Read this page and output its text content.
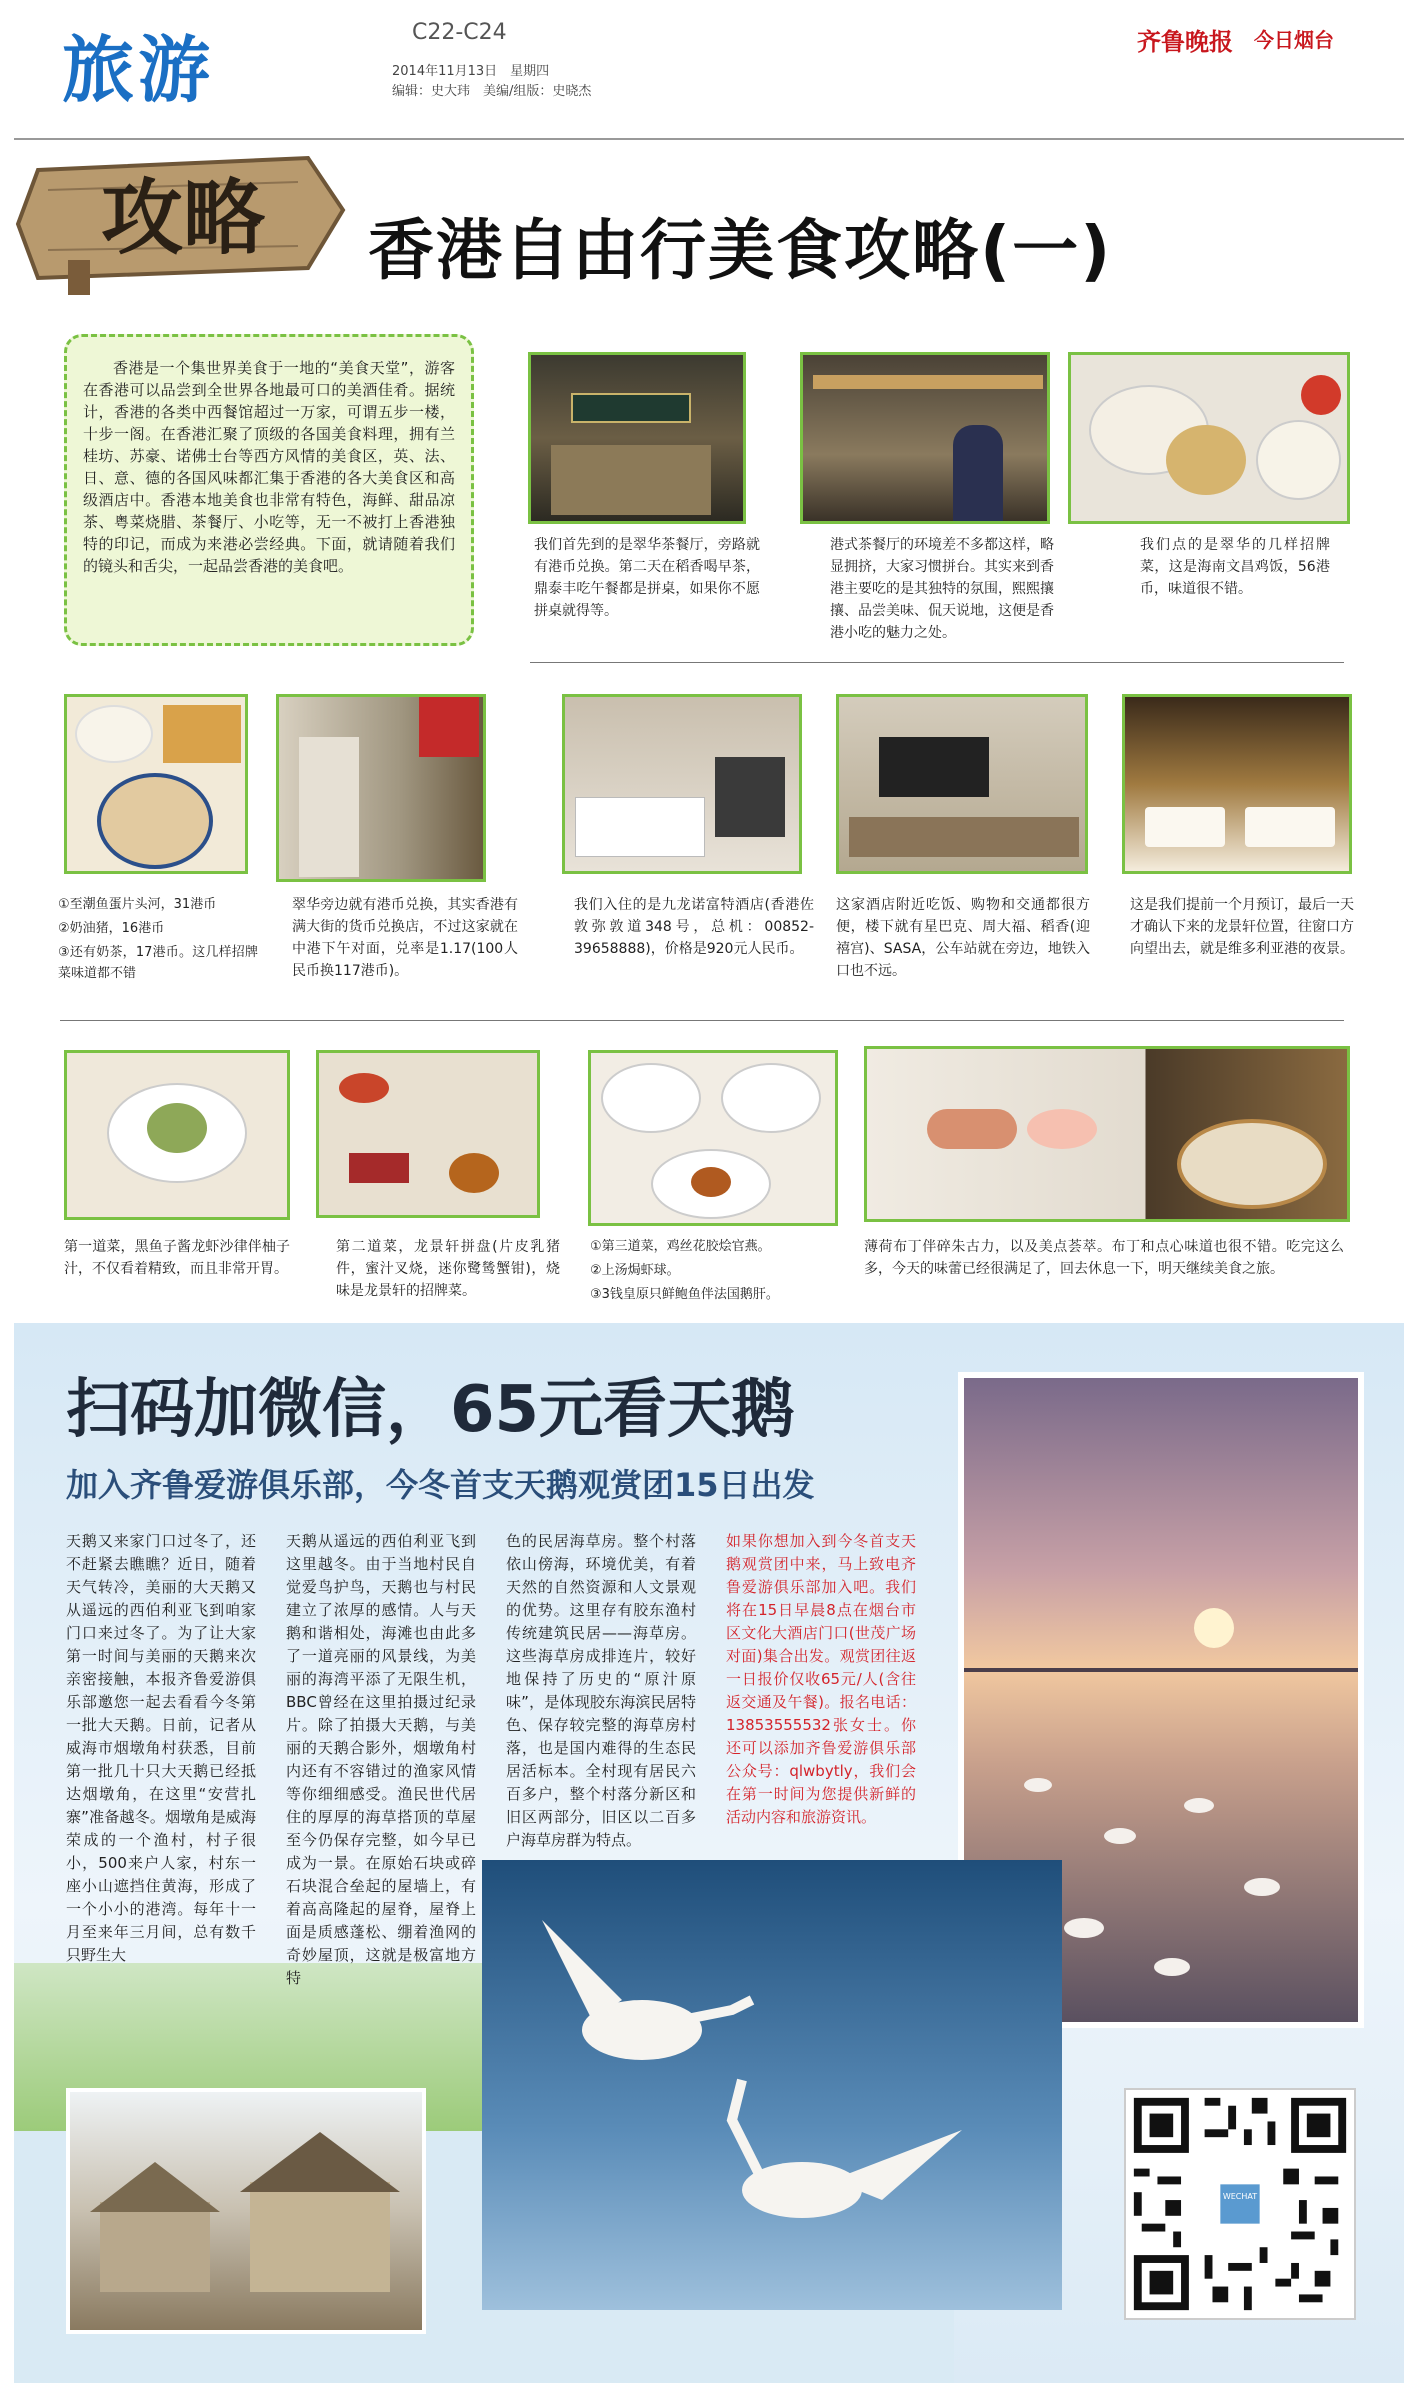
旅游	C22-C24
2014年11月13日　星期四
编辑：史大玮　美编/组版：史晓杰
齐鲁晚报 今日烟台
攻略 香港自由行美食攻略(一)
香港是一个集世界美食于一地的“美食天堂”，游客在香港可以品尝到全世界各地最可口的美酒佳肴。据统计，香港的各类中西餐馆超过一万家，可谓五步一楼，十步一阁。在香港汇聚了顶级的各国美食料理，拥有兰桂坊、苏豪、诺佛士台等西方风情的美食区，英、法、日、意、德的各国风味都汇集于香港的各大美食区和高级酒店中。香港本地美食也非常有特色，海鲜、甜品凉茶、粤菜烧腊、茶餐厅、小吃等，无一不被打上香港独特的印记，而成为来港必尝经典。下面，就请随着我们的镜头和舌尖，一起品尝香港的美食吧。
我们首先到的是翠华茶餐厅，旁路就有港币兑换。第二天在稻香喝早茶，鼎泰丰吃午餐都是拼桌，如果你不愿拼桌就得等。
港式茶餐厅的环境差不多都这样，略显拥挤，大家习惯拼台。其实来到香港主要吃的是其独特的氛围，熙熙攘攘、品尝美味、侃天说地，这便是香港小吃的魅力之处。
我们点的是翠华的几样招牌菜，这是海南文昌鸡饭，56港币，味道很不错。
①至潮鱼蛋片头河，31港币
②奶油猪，16港币
③还有奶茶，17港币。这几样招牌菜味道都不错
翠华旁边就有港币兑换，其实香港有满大街的货币兑换店，不过这家就在中港下午对面，兑率是1.17(100人民币换117港币)。
我们入住的是九龙诺富特酒店(香港佐敦弥敦道348号，总机：00852-39658888)，价格是920元人民币。
这家酒店附近吃饭、购物和交通都很方便，楼下就有星巴克、周大福、稻香(迎禧宫)、SASA，公车站就在旁边，地铁入口也不远。
这是我们提前一个月预订，最后一天才确认下来的龙景轩位置，往窗口方向望出去，就是维多利亚港的夜景。
第一道菜，黑鱼子酱龙虾沙律伴柚子汁，不仅看着精致，而且非常开胃。
第二道菜，龙景轩拼盘(片皮乳猪件，蜜汁叉烧，迷你鹭鸶蟹钳)，烧味是龙景轩的招牌菜。
①第三道菜，鸡丝花胶烩官燕。
②上汤焗虾球。
③3钱皇原只鲜鲍鱼伴法国鹅肝。
薄荷布丁伴碎朱古力，以及美点荟萃。布丁和点心味道也很不错。吃完这么多，今天的味蕾已经很满足了，回去休息一下，明天继续美食之旅。
扫码加微信，65元看天鹅
加入齐鲁爱游俱乐部，今冬首支天鹅观赏团15日出发
天鹅又来家门口过冬了，还不赶紧去瞧瞧？近日，随着天气转冷，美丽的大天鹅又从遥远的西伯利亚飞到咱家门口来过冬了。为了让大家第一时间与美丽的天鹅来次亲密接触，本报齐鲁爱游俱乐部邀您一起去看看今冬第一批大天鹅。日前，记者从威海市烟墩角村获悉，目前第一批几十只大天鹅已经抵达烟墩角，在这里“安营扎寨”准备越冬。烟墩角是威海荣成的一个渔村，村子很小，500来户人家，村东一座小山遮挡住黄海，形成了一个小小的港湾。每年十一月至来年三月间，总有数千只野生大
天鹅从遥远的西伯利亚飞到这里越冬。由于当地村民自觉爱鸟护鸟，天鹅也与村民建立了浓厚的感情。人与天鹅和谐相处，海滩也由此多了一道亮丽的风景线，为美丽的海湾平添了无限生机，BBC曾经在这里拍摄过纪录片。除了拍摄大天鹅，与美丽的天鹅合影外，烟墩角村内还有不容错过的渔家风情等你细细感受。渔民世代居住的厚厚的海草搭顶的草屋至今仍保存完整，如今早已成为一景。在原始石块或碎石块混合垒起的屋墙上，有着高高隆起的屋脊，屋脊上面是质感蓬松、绷着渔网的奇妙屋顶，这就是极富地方特
色的民居海草房。整个村落依山傍海，环境优美，有着天然的自然资源和人文景观的优势。这里存有胶东渔村传统建筑民居——海草房。这些海草房成排连片，较好地保持了历史的“原汁原味”，是体现胶东海滨民居特色、保存较完整的海草房村落，也是国内难得的生态民居活标本。全村现有居民六百多户，整个村落分新区和旧区两部分，旧区以二百多户海草房群为特点。
如果你想加入到今冬首支天鹅观赏团中来，马上致电齐鲁爱游俱乐部加入吧。我们将在15日早晨8点在烟台市区文化大酒店门口(世茂广场对面)集合出发。观赏团往返一日报价仅收65元/人(含往返交通及午餐)。报名电话：13853555532张女士。你还可以添加齐鲁爱游俱乐部公众号：qlwbytly，我们会在第一时间为您提供新鲜的活动内容和旅游资讯。
WECHAT
